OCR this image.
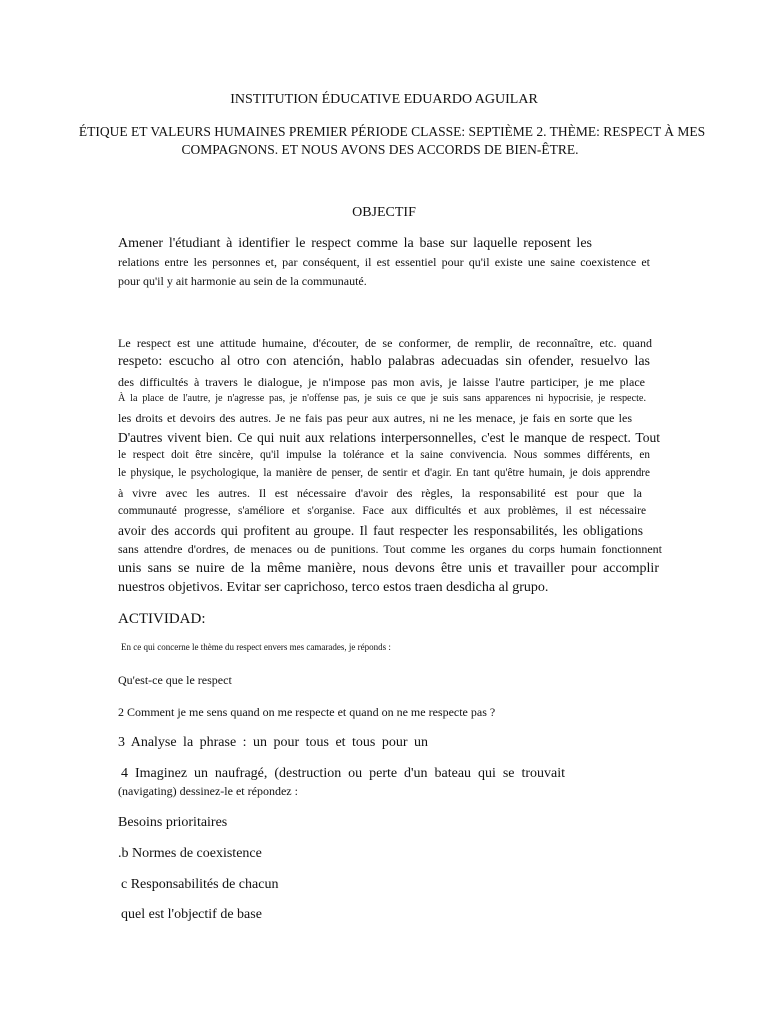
INSTITUTION ÉDUCATIVE EDUARDO AGUILAR
ÉTIQUE ET VALEURS HUMAINES PREMIER PÉRIODE CLASSE: SEPTIÈME 2. THÈME: RESPECT À MES
COMPAGNONS. ET NOUS AVONS DES ACCORDS DE BIEN-ÊTRE.
OBJECTIF
Amener l'étudiant à identifier le respect comme la base sur laquelle reposent les
relations entre les personnes et, par conséquent, il est essentiel pour qu'il existe une saine coexistence et
pour qu'il y ait harmonie au sein de la communauté.
Le respect est une attitude humaine, d'écouter, de se conformer, de remplir, de reconnaître, etc. quand
respeto: escucho al otro con atención, hablo palabras adecuadas sin ofender, resuelvo las
des difficultés à travers le dialogue, je n'impose pas mon avis, je laisse l'autre participer, je me place
À la place de l'autre, je n'agresse pas, je n'offense pas, je suis ce que je suis sans apparences ni hypocrisie, je respecte.
les droits et devoirs des autres. Je ne fais pas peur aux autres, ni ne les menace, je fais en sorte que les
D'autres vivent bien. Ce qui nuit aux relations interpersonnelles, c'est le manque de respect. Tout
le respect doit être sincère, qu'il impulse la tolérance et la saine convivencia. Nous sommes différents, en
le physique, le psychologique, la manière de penser, de sentir et d'agir. En tant qu'être humain, je dois apprendre
à vivre avec les autres. Il est nécessaire d'avoir des règles, la responsabilité est pour que la
communauté progresse, s'améliore et s'organise. Face aux difficultés et aux problèmes, il est nécessaire
avoir des accords qui profitent au groupe. Il faut respecter les responsabilités, les obligations
sans attendre d'ordres, de menaces ou de punitions. Tout comme les organes du corps humain fonctionnent
unis sans se nuire de la même manière, nous devons être unis et travailler pour accomplir
nuestros objetivos. Evitar ser caprichoso, terco estos traen desdicha al grupo.
ACTIVIDAD:
En ce qui concerne le thème du respect envers mes camarades, je réponds :
Qu'est-ce que le respect
2 Comment je me sens quand on me respecte et quand on ne me respecte pas ?
3 Analyse la phrase : un pour tous et tous pour un
4 Imaginez un naufragé, (destruction ou perte d'un bateau qui se trouvait
(navigating) dessinez-le et répondez :
Besoins prioritaires
.b Normes de coexistence
c Responsabilités de chacun
quel est l'objectif de base
